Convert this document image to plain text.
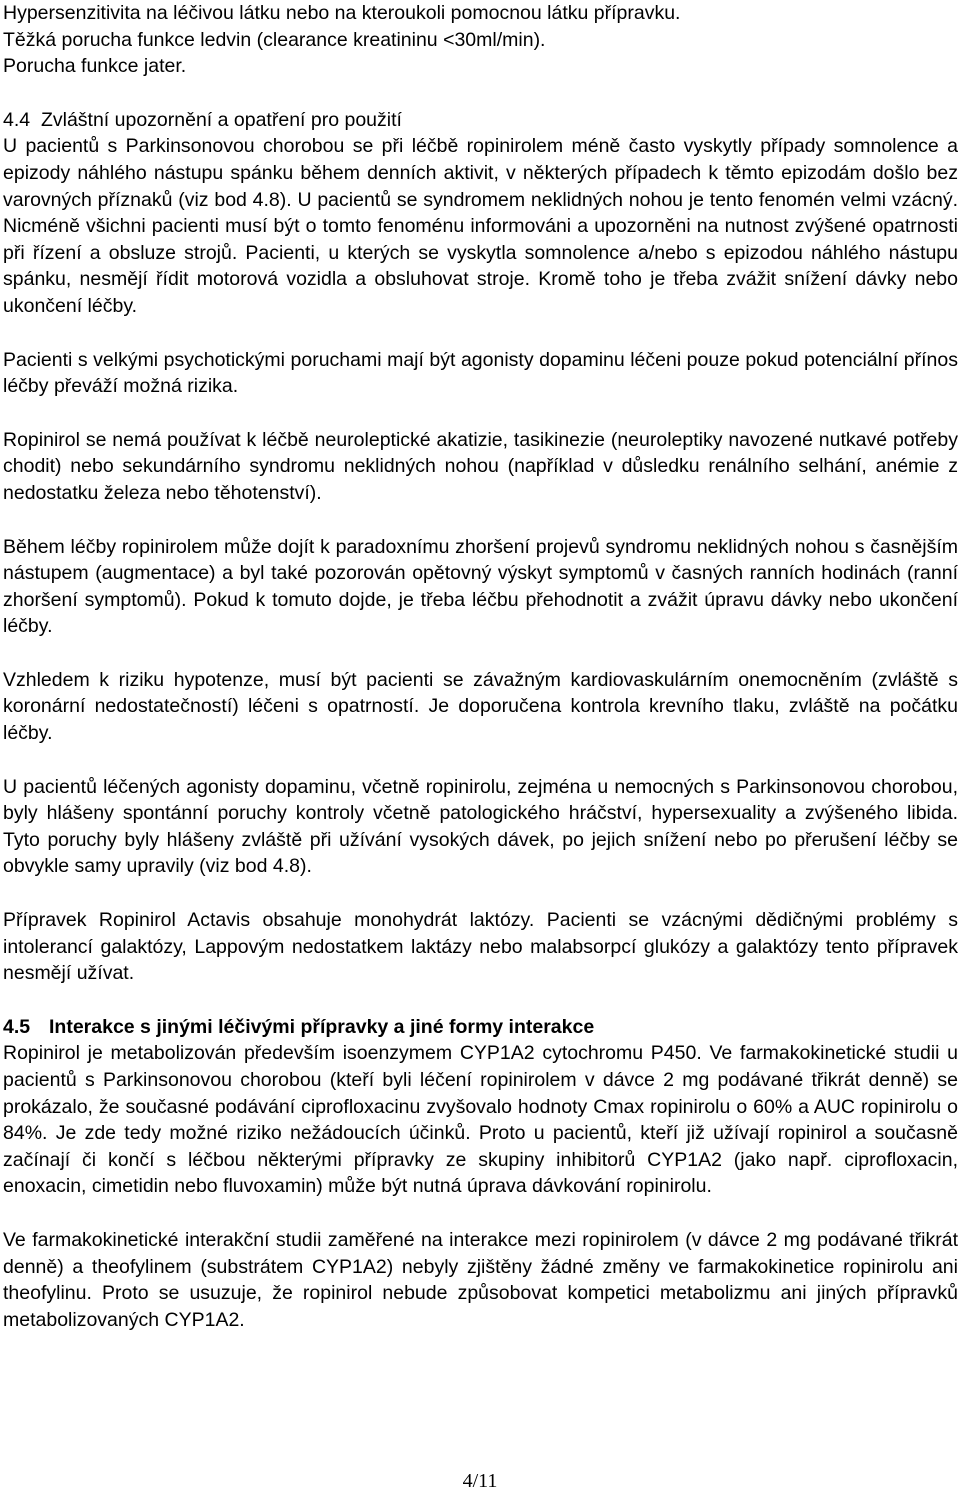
Hypersenzitivita na léčivou látku nebo na kteroukoli pomocnou látku přípravku.

Těžká porucha funkce ledvin (clearance kreatininu <30ml/min).

Poruchа funkce jater.

4.4 Zvláštní upozornění a opatření pro použití

U pacientů s Parkinsonovou chorobou se při léčbě ropinirolem méně často vyskytly případy somnolence a epizody náhlého nástupu spánku během denních aktivit, v některých případech k těmto epizodám došlo bez varovných příznaků (viz bod 4.8). U pacientů se syndromem neklidných nohou je tento fenomén velmi vzácný. Nicméně všichni pacienti musí být o tomto fenoménu informováni a upozorněni na nutnost zvýšené opatrnosti při řízení a obsluze strojů. Pacienti, u kterých se vyskytla somnolence a/nebo s epizodou náhlého nástupu spánku, nesmějí řídit motorová vozidla a obsluhovat stroje. Kromě toho je třeba zvážit snížení dávky nebo ukončení léčby.

Pacienti s velkými psychotickými poruchami mají být agonisty dopaminu léčeni pouze pokud potenciální přínos léčby převáží možná rizika.

Ropinirol se nemá používat k léčbě neuroleptické akatizie, tasikinezie (neuroleptiky navozené nutkavé potřeby chodit) nebo sekundárního syndromu neklidných nohou (například v důsledku renálního selhání, anémie z nedostatku železa nebo těhotenství).

Během léčby ropinirolem může dojít k paradoxnímu zhoršení projevů syndromu neklidných nohou s časnějším nástupem (augmentace) a byl také pozorován opětovný výskyt symptomů v časných ranních hodinách (ranní zhoršení symptomů). Pokud k tomuto dojde, je třeba léčbu přehodnotit a zvážit úpravu dávky nebo ukončení léčby.

Vzhledem k riziku hypotenze, musí být pacienti se závažným kardiovaskulárním onemocněním (zvláště s koronární nedostatečností) léčeni s opatrností. Je doporučena kontrola krevního tlaku, zvláště na počátku léčby.

U pacientů léčených agonisty dopaminu, včetně ropinirolu, zejména u nemocných s Parkinsonovou chorobou, byly hlášeny spontánní poruchy kontroly včetně patologického hráčství, hypersexuality a zvýšeného libida. Tyto poruchy byly hlášeny zvláště při užívání vysokých dávek, po jejich snížení nebo po přerušení léčby se obvykle samy upravily (viz bod 4.8).

Přípravek Ropinirol Actavis obsahuje monohydrát laktózy. Pacienti se vzácnými dědičnými problémy s intolerancí galaktózy, Lappovým nedostatkem laktázy nebo malabsorpcí glukózy a galaktózy tento přípravek nesmějí užívat.

4.5 Interakce s jinými léčivými přípravky a jiné formy interakce

Ropinirol je metabolizován především isoenzymem CYP1A2 cytochromu P450. Ve farmakokinetické studii u pacientů s Parkinsonovou chorobou (kteří byli léčení ropinirolem v dávce 2 mg podávané třikrát denně) se prokázalo, že současné podávání ciprofloxacinu zvyšovalo hodnoty Cmax ropinirolu o 60% a AUC ropinirolu o 84%. Je zde tedy možné riziko nežádoucích účinků. Proto u pacientů, kteří již užívají ropinirol a současně začínají či končí s léčbou některými přípravky ze skupiny inhibitorů CYP1A2 (jako např. ciprofloxacin, enoxacin, cimetidin nebo fluvoxamin) může být nutná úprava dávkování ropinirolu.

Ve farmakokinetické interakční studii zaměřené na interakce mezi ropinirolem (v dávce 2 mg podávané třikrát denně) a theofylinem (substrátem CYP1A2) nebyly zjištěny žádné změny ve farmakokinetice ropinirolu ani theofylinu. Proto se usuzuje, že ropinirol nebude způsobovat kompetici metabolizmu ani jiných přípravků metabolizovaných CYP1A2.

4/11
